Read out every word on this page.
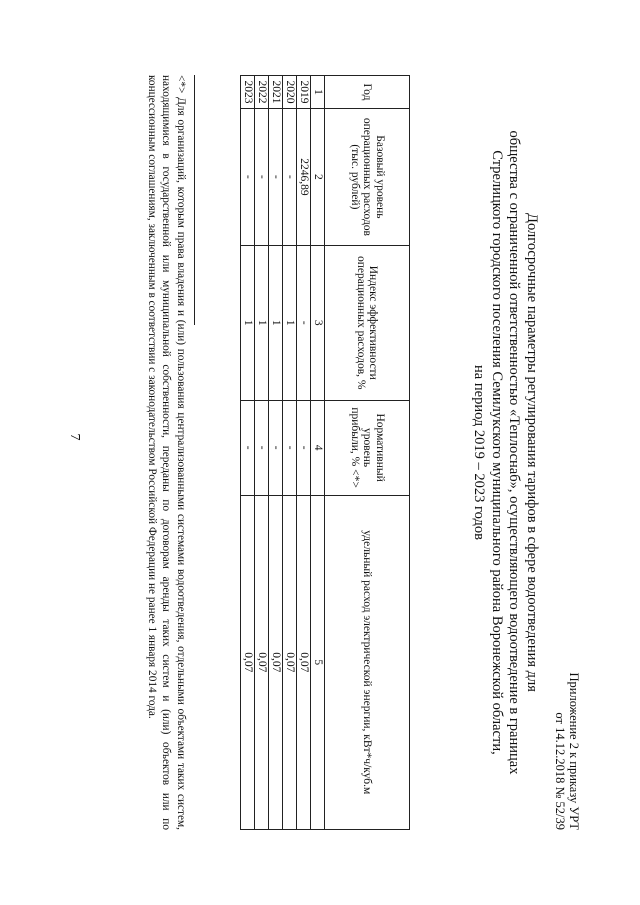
7
Приложение 2 к приказу УРТ
от 14.12.2018 № 52/39
Долгосрочные параметры регулирования тарифов в сфере водоотведения для
общества с ограниченной ответственностью «Теплоснаб», осуществляющего водоотведение в границах
Стрелицкого городского поселения Семилукского муниципального района Воронежской области,
на период 2019 – 2023 годов
Год	Базовый уровень операционных расходов (тыс. рублей)	Индекс эффективности операционных расходов, %	Нормативный уровень прибыли, % <*>	удельный расход электрической энергии, кВт*ч/куб.м
1	2	3	4	5
2019	2246,89	-	-	0,07
2020	-	1	-	0,07
2021	-	1	-	0,07
2022	-	1	-	0,07
2023	-	1	-	0,07

<*> Для организаций, которым права владения и (или) пользования централизованными системами водоотведения, отдельными объектами таких систем, находящимися в государственной или муниципальной собственности, переданы по договорам аренды таких систем и (или) объектов или по концессионным соглашениям, заключенным в соответствии с законодательством Российской Федерации не ранее 1 января 2014 года.
